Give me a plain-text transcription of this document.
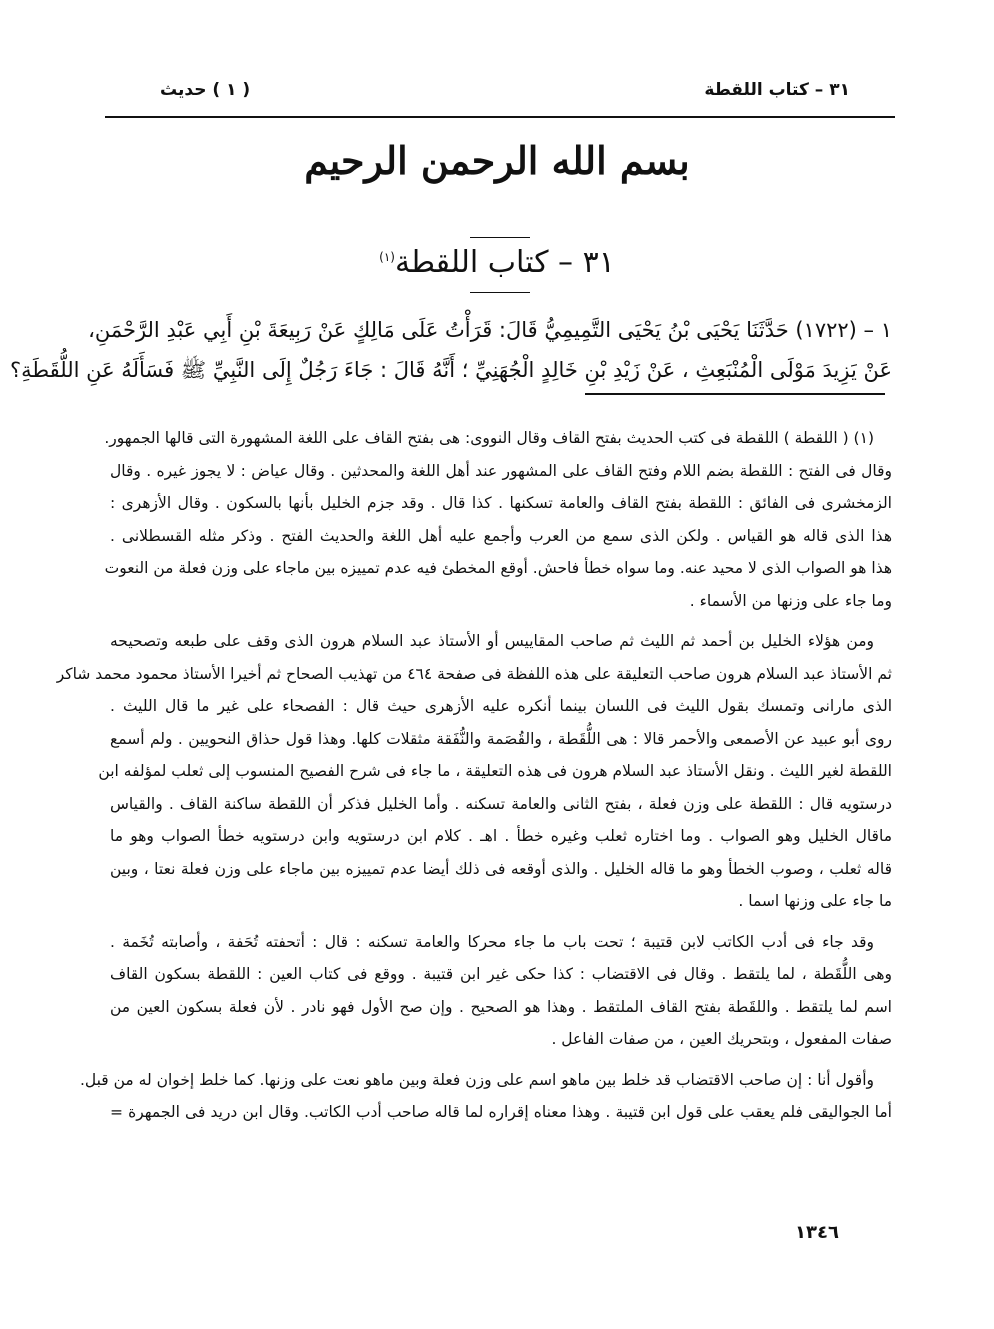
٣١ – كتاب اللقطة
( ١ ) حديث
بسم الله الرحمن الرحيم
٣١ – كتاب اللقطة$^{(١)}$
١ – (١٧٢٢) حَدَّثَنَا يَحْيَى بْنُ يَحْيَى التَّمِيمِيُّ قَالَ: قَرَأْتُ عَلَى مَالِكٍ عَنْ رَبِيعَةَ بْنِ أَبِي عَبْدِ الرَّحْمَنِ،
عَنْ يَزِيدَ مَوْلَى الْمُنْبَعِثِ ، عَنْ زَيْدِ بْنِ خَالِدٍ الْجُهَنِيِّ ؛ أَنَّهُ قَالَ : جَاءَ رَجُلٌ إِلَى النَّبِيِّ ﷺ فَسَأَلَهُ عَنِ اللُّقَطَةِ؟
(١) ( اللقطة ) اللقطة فى كتب الحديث بفتح القاف وقال النووى: هى بفتح القاف على اللغة المشهورة التى قالها الجمهور.
وقال فى الفتح : اللقطة بضم اللام وفتح القاف على المشهور عند أهل اللغة والمحدثين . وقال عياض : لا يجوز غيره . وقال
الزمخشرى فى الفائق : اللقطة بفتح القاف والعامة تسكنها . كذا قال . وقد جزم الخليل بأنها بالسكون . وقال الأزهرى :
هذا الذى قاله هو القياس . ولكن الذى سمع من العرب وأجمع عليه أهل اللغة والحديث الفتح . وذكر مثله القسطلانى .
هذا هو الصواب الذى لا محيد عنه. وما سواه خطأ فاحش. أوقع المخطئ فيه عدم تمييزه بين ماجاء على وزن فعلة من النعوت
وما جاء على وزنها من الأسماء .
ومن هؤلاء الخليل بن أحمد ثم الليث ثم صاحب المقاييس أو الأستاذ عبد السلام هرون الذى وقف على طبعه وتصحيحه
ثم الأستاذ عبد السلام هرون صاحب التعليقة على هذه اللفظة فى صفحة ٤٦٤ من تهذيب الصحاح ثم أخيرا الأستاذ محمود محمد شاكر
الذى مارانى وتمسك بقول الليث فى اللسان بينما أنكره عليه الأزهرى حيث قال : الفصحاء على غير ما قال الليث .
روى أبو عبيد عن الأصمعى والأحمر قالا : هى اللُّقَطة ، والقُصَمة والنُّفَقة مثقلات كلها. وهذا قول حذاق النحويين . ولم أسمع
اللقطة لغير الليث . ونقل الأستاذ عبد السلام هرون فى هذه التعليقة ، ما جاء فى شرح الفصيح المنسوب إلى ثعلب لمؤلفه ابن
درستويه قال : اللقطة على وزن فعلة ، بفتح الثانى والعامة تسكنه . وأما الخليل فذكر أن اللقطة ساكنة القاف . والقياس
ماقال الخليل وهو الصواب . وما اختاره ثعلب وغيره خطأ . اهـ . كلام ابن درستويه وابن درستويه خطأ الصواب وهو ما
قاله ثعلب ، وصوب الخطأ وهو ما قاله الخليل . والذى أوقعه فى ذلك أيضا عدم تمييزه بين ماجاء على وزن فعلة نعتا ، وبين
ما جاء على وزنها اسما .
وقد جاء فى أدب الكاتب لابن قتيبة ؛ تحت باب ما جاء محركا والعامة تسكنه : قال : أتحفته تُحَفة ، وأصابته تُخَمة .
وهى اللُّقَطة ، لما يلتقط . وقال فى الاقتضاب : كذا حكى غير ابن قتيبة . ووقع فى كتاب العين : اللقطة بسكون القاف
اسم لما يلتقط . واللقَطة بفتح القاف الملتقط . وهذا هو الصحيح . وإن صح الأول فهو نادر . لأن فعلة بسكون العين من
صفات المفعول ، وبتحريك العين ، من صفات الفاعل .
وأقول أنا : إن صاحب الاقتضاب قد خلط بين ماهو اسم على وزن فعلة وبين ماهو نعت على وزنها. كما خلط إخوان له من قبل.
أما الجواليقى فلم يعقب على قول ابن قتيبة . وهذا معناه إقراره لما قاله صاحب أدب الكاتب. وقال ابن دريد فى الجمهرة =
١٣٤٦
